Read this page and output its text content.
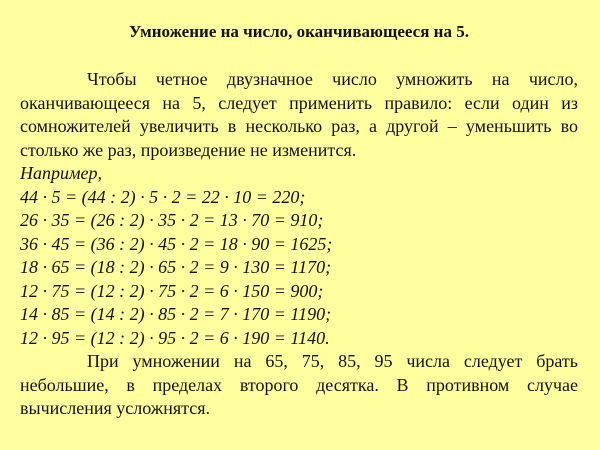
Умножение на число, оканчивающееся на 5.

Чтобы четное двузначное число умножить на число, оканчивающееся на 5, следует применить правило: если один из сомножителей увеличить в несколько раз, а другой – уменьшить во столько же раз, произведение не изменится.

Например,

44 · 5 = (44 : 2) · 5 · 2 = 22 · 10 = 220;

26 · 35 = (26 : 2) · 35 · 2 = 13 · 70 = 910;

36 · 45 = (36 : 2) · 45 · 2 = 18 · 90 = 1625;

18 · 65 = (18 : 2) · 65 · 2 = 9 · 130 = 1170;

12 · 75 = (12 : 2) · 75 · 2 = 6 · 150 = 900;

14 · 85 = (14 : 2) · 85 · 2 = 7 · 170 = 1190;

12 · 95 = (12 : 2) · 95 · 2 = 6 · 190 = 1140.

При умножении на 65, 75, 85, 95 числа следует брать небольшие, в пределах второго десятка. В противном случае вычисления усложнятся.
